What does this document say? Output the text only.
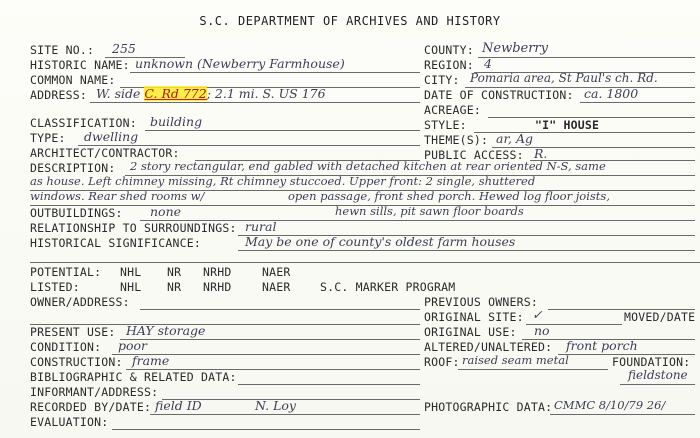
S.C. DEPARTMENT OF ARCHIVES AND HISTORY
SITE NO.: 255
HISTORIC NAME: unknown (Newberry Farmhouse)
COMMON NAME:
ADDRESS: W. side C. Rd 772; 2.1 mi. S. US 176
CLASSIFICATION: building
TYPE: dwelling
ARCHITECT/CONTRACTOR:
DESCRIPTION: 2 story rectangular, end gabled with detached kitchen at rear oriented N-S, same
as house. Left chimney missing, Rt chimney stuccoed. Upper front: 2 single, shuttered
windows. Rear shed rooms w/	open passage, front shed porch. Hewed log floor joists,
OUTBUILDINGS: none	hewn sills, pit sawn floor boards
RELATIONSHIP TO SURROUNDINGS: rural
HISTORICAL SIGNIFICANCE:	May be one of county's oldest farm houses
POTENTIAL: NHL NR NRHD	NAER
LISTED:	NHL NR NRHD	NAER	S.C. MARKER PROGRAM
OWNER/ADDRESS:
PRESENT USE: HAY storage
CONDITION: poor
CONSTRUCTION: frame
BIBLIOGRAPHIC & RELATED DATA:
INFORMANT/ADDRESS:
RECORDED BY/DATE: field ID	N. Loy
EVALUATION:
COUNTY: Newberry
REGION: 4
CITY: Pomaria area, St Paul's ch. Rd.
DATE OF CONSTRUCTION: ca. 1800
ACREAGE:
STYLE:	"I" HOUSE
THEME(S): ar, Ag
PUBLIC ACCESS: R.
PREVIOUS OWNERS:
ORIGINAL SITE: ✓	MOVED/DATE
ORIGINAL USE: no
ALTERED/UNALTERED: front porch
ROOF: raised seam metal	FOUNDATION:
fieldstone
PHOTOGRAPHIC DATA: CMMC 8/10/79 26/
